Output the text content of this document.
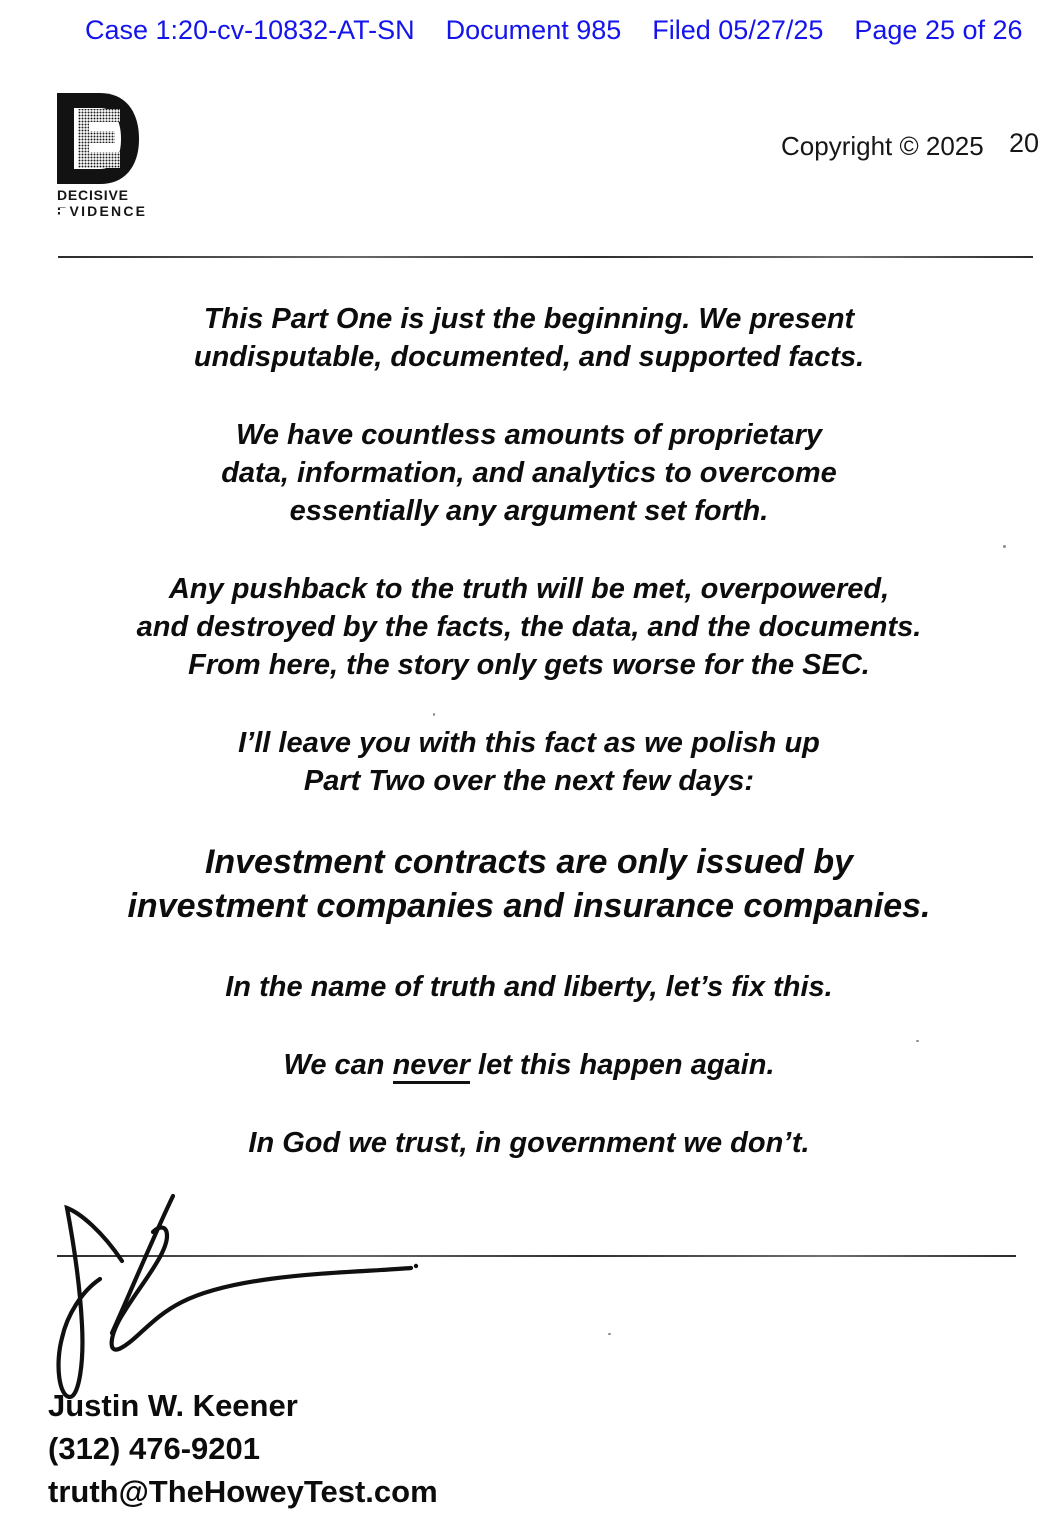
Case 1:20-cv-10832-AT-SN Document 985 Filed 05/27/25 Page 25 of 26
DECISIVE
E VIDENCE
Copyright © 2025 20

This Part One is just the beginning. We present
undisputable, documented, and supported facts.

We have countless amounts of proprietary
data, information, and analytics to overcome
essentially any argument set forth.

Any pushback to the truth will be met, overpowered,
and destroyed by the facts, the data, and the documents.
From here, the story only gets worse for the SEC.

I’ll leave you with this fact as we polish up
Part Two over the next few days:

Investment contracts are only issued by
investment companies and insurance companies.

In the name of truth and liberty, let’s fix this.

We can never let this happen again.

In God we trust, in government we don’t.

Justin W. Keener
(312) 476-9201
truth@TheHoweyTest.com
